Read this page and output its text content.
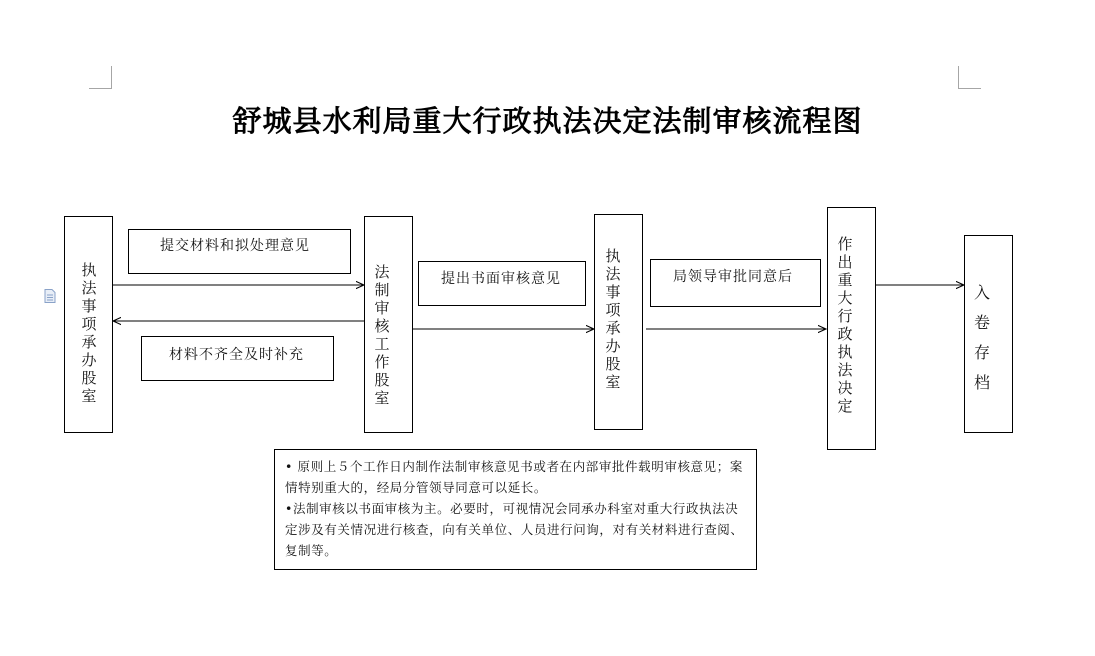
舒城县水利局重大行政执法决定法制审核流程图
执法事项承办股室
提交材料和拟处理意见
材料不齐全及时补充
法制审核工作股室
提出书面审核意见
执法事项承办股室
局领导审批同意后
作出重大行政执法决定
入卷存档

• 原则上５个工作日内制作法制审核意见书或者在内部审批件载明审核意见；案情特别重大的，经局分管领导同意可以延长。

•法制审核以书面审核为主。必要时，可视情况会同承办科室对重大行政执法决定涉及有关情况进行核查，向有关单位、人员进行问询，对有关材料进行查阅、复制等。
